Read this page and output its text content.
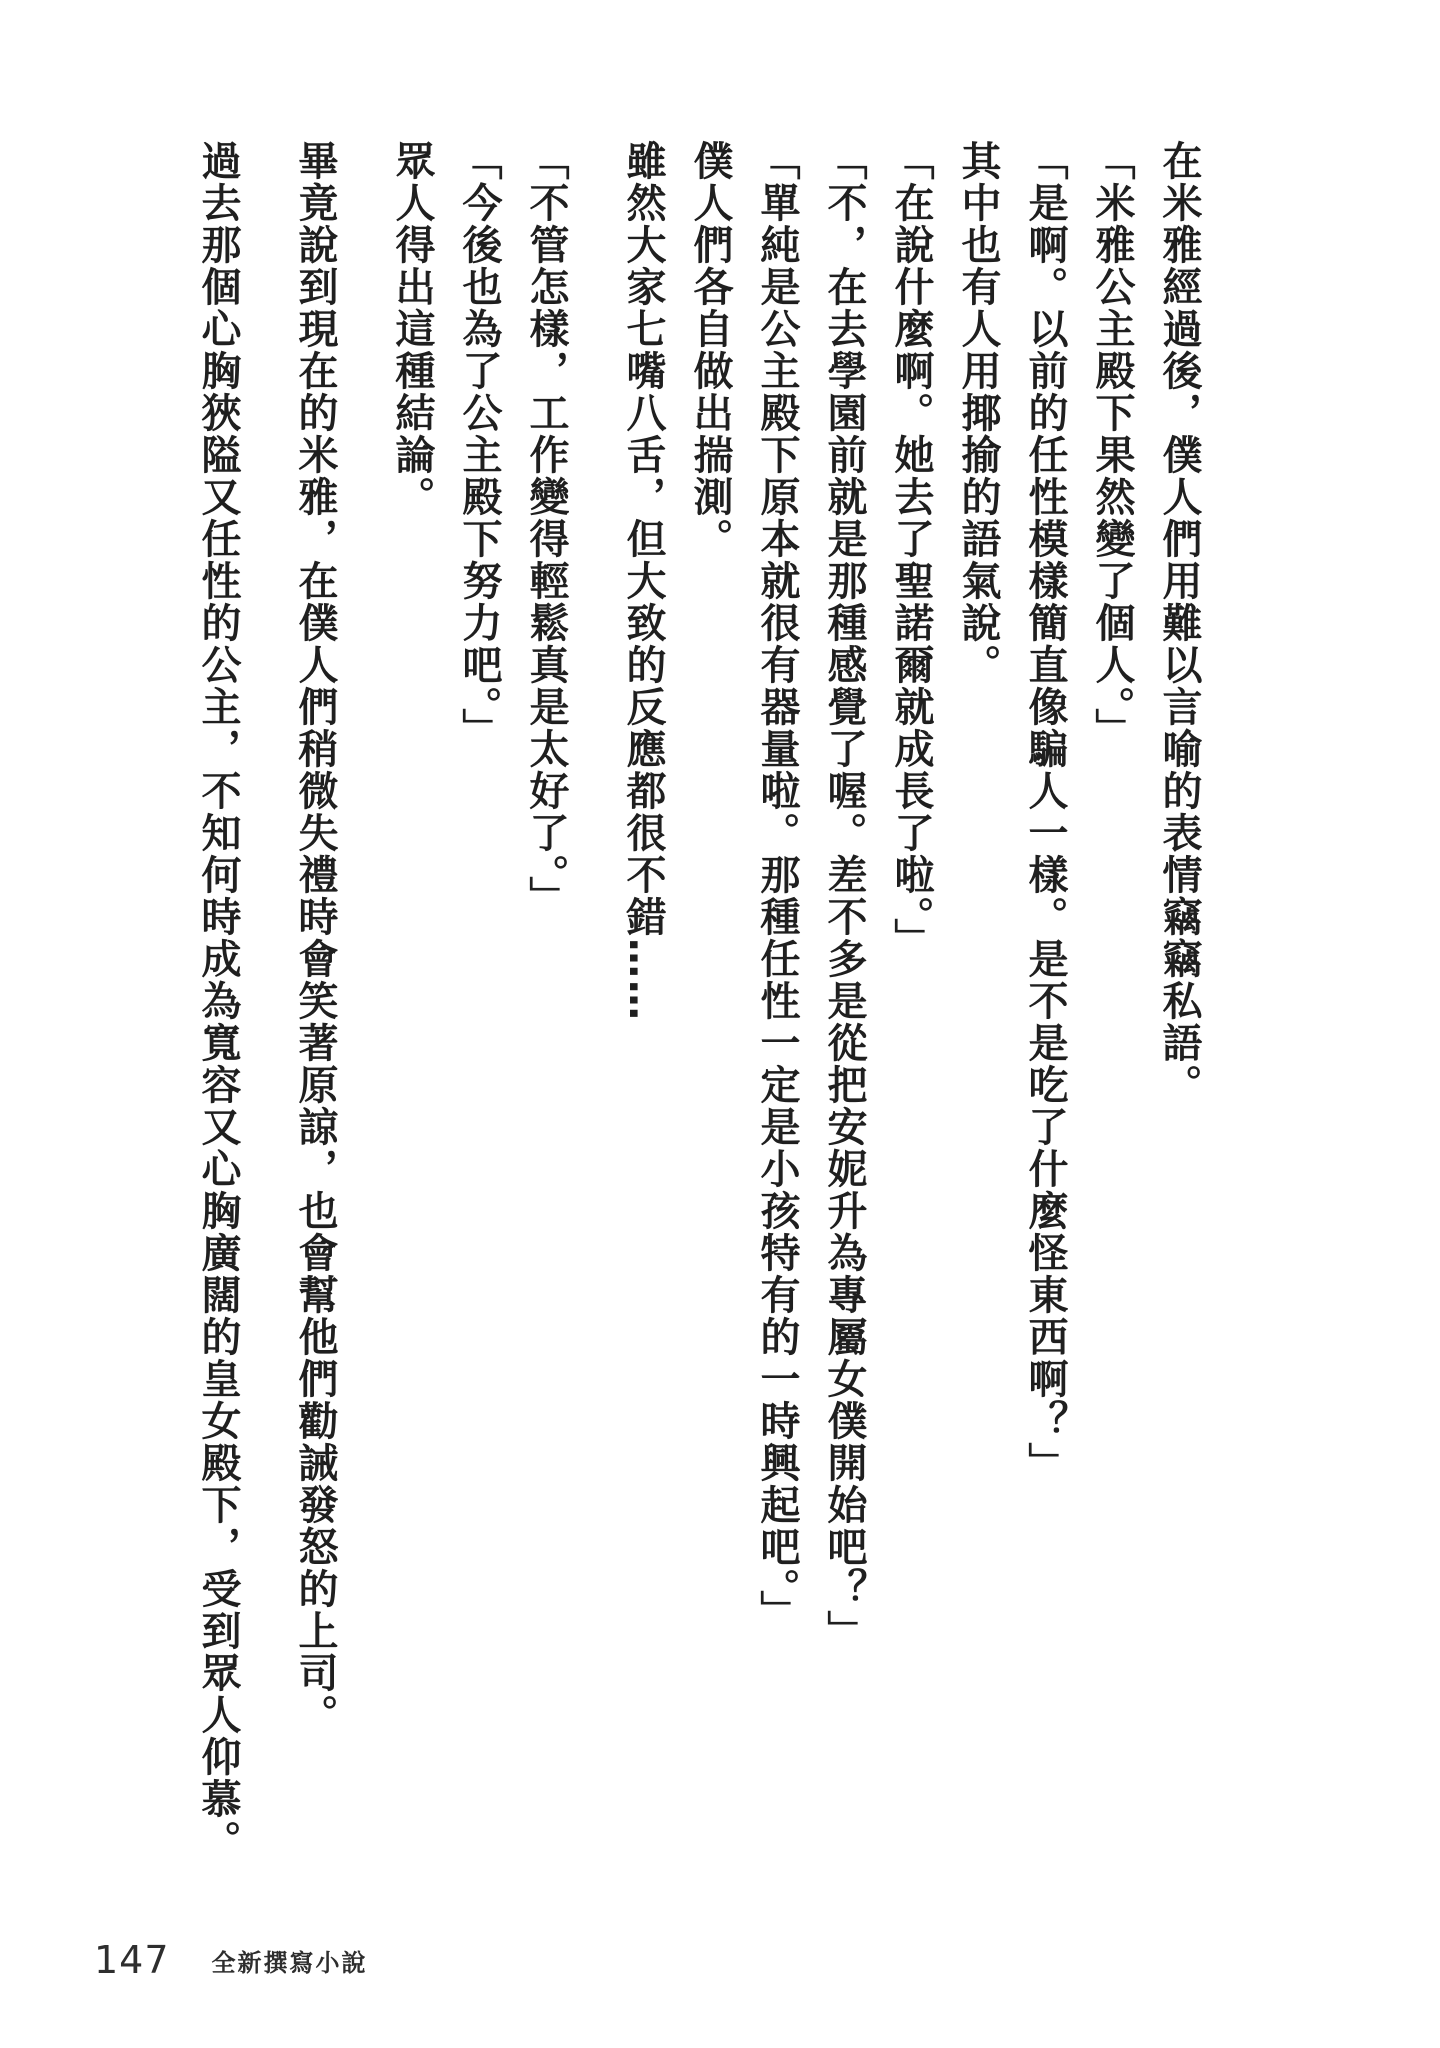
在米雅經過後，僕人們用難以言喻的表情竊竊私語。

「米雅公主殿下果然變了個人。」

「是啊。以前的任性模樣簡直像騙人一樣。是不是吃了什麼怪東西啊？」

其中也有人用揶揄的語氣說。

「在說什麼啊。她去了聖諾爾就成長了啦。」

「不，在去學園前就是那種感覺了喔。差不多是從把安妮升為專屬女僕開始吧？」

「單純是公主殿下原本就很有器量啦。那種任性一定是小孩特有的一時興起吧。」

僕人們各自做出揣測。

雖然大家七嘴八舌，但大致的反應都很不錯……

「不管怎樣，工作變得輕鬆真是太好了。」

「今後也為了公主殿下努力吧。」

眾人得出這種結論。

畢竟說到現在的米雅，在僕人們稍微失禮時會笑著原諒，也會幫他們勸誡發怒的上司。

過去那個心胸狹隘又任性的公主，不知何時成為寬容又心胸廣闊的皇女殿下，受到眾人仰慕。

147 全新撰寫小說
